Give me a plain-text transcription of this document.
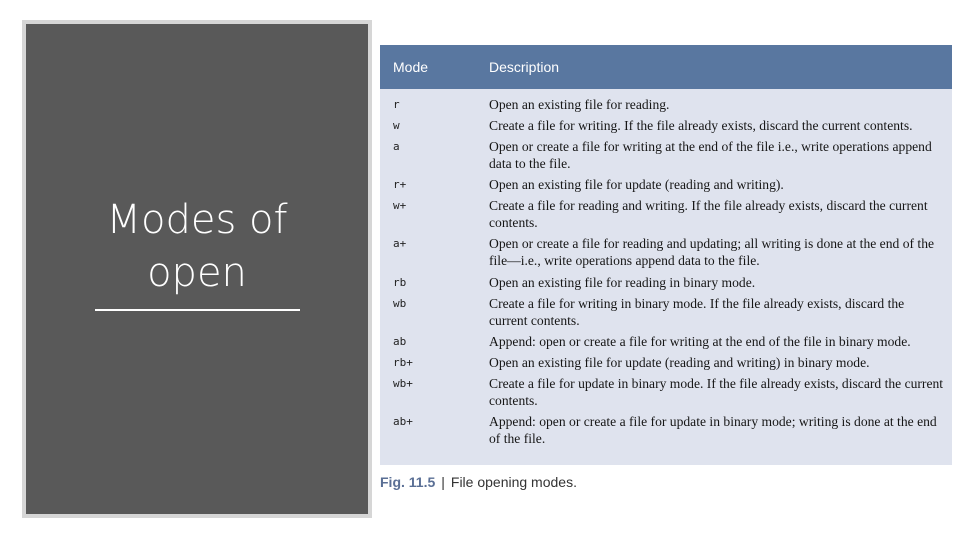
Modes of
open
Mode	Description
r	Open an existing file for reading.
w	Create a file for writing. If the file already exists, discard the current contents.
a	Open or create a file for writing at the end of the file i.e., write operations append data to the file.
r+	Open an existing file for update (reading and writing).
w+	Create a file for reading and writing. If the file already exists, discard the current contents.
a+	Open or create a file for reading and updating; all writing is done at the end of the file—i.e., write operations append data to the file.
rb	Open an existing file for reading in binary mode.
wb	Create a file for writing in binary mode. If the file already exists, discard the current contents.
ab	Append: open or create a file for writing at the end of the file in binary mode.
rb+	Open an existing file for update (reading and writing) in binary mode.
wb+	Create a file for update in binary mode. If the file already exists, discard the current contents.
ab+	Append: open or create a file for update in binary mode; writing is done at the end of the file.
Fig. 11.5 | File opening modes.
